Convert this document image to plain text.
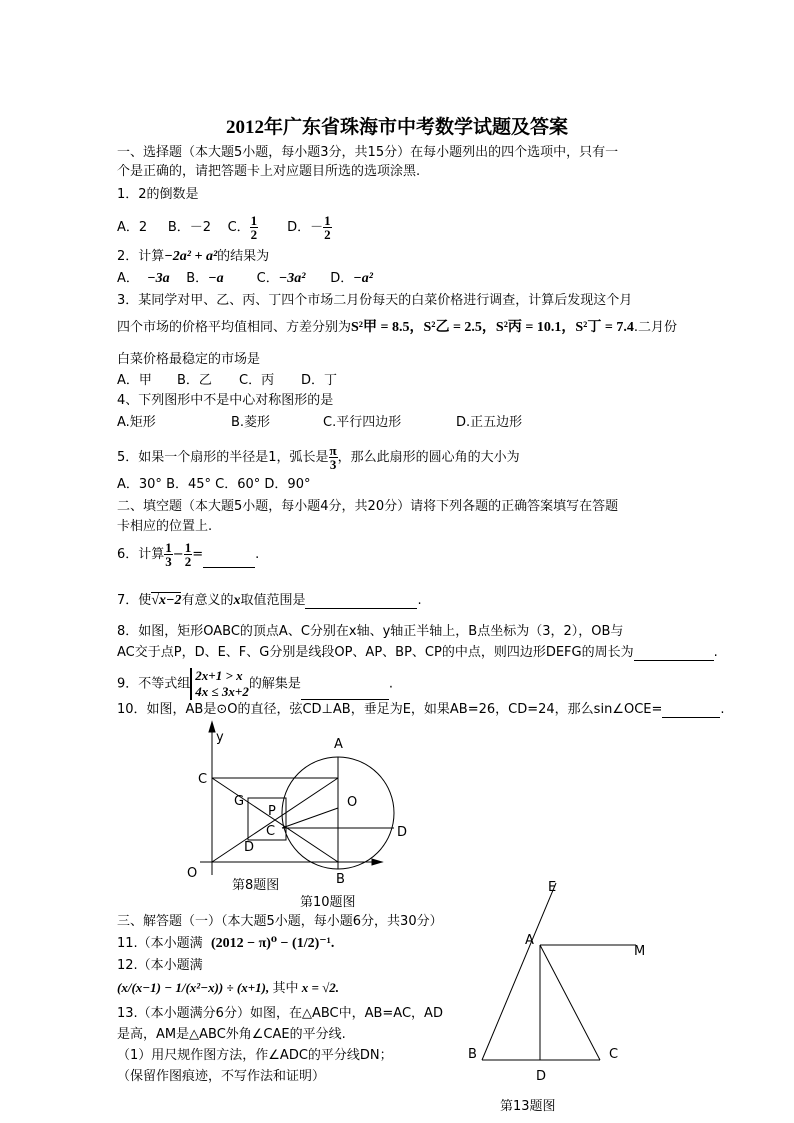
2012年广东省珠海市中考数学试题及答案
一、选择题（本大题5小题，每小题3分，共15分）在每小题列出的四个选项中，只有一
个是正确的，请把答题卡上对应题目所选的选项涂黑.
1．2的倒数是
A．2 B．－2 C． $\frac{1}{2}$ D．－ $\frac{1}{2}$
2．计算−2a² + a²的结果为
A． −3a B．−a	C．−3a² D．−a²
3．某同学对甲、乙、丙、丁四个市场二月份每天的白菜价格进行调查，计算后发现这个月
四个市场的价格平均值相同、方差分别为S²甲 = 8.5，S²乙 = 2.5，S²丙 = 10.1，S²丁 = 7.4.二月份
白菜价格最稳定的市场是
A．甲 B．乙 C．丙 D．丁
4、下列图形中不是中心对称图形的是
A.矩形	B.菱形	C.平行四边形	D.正五边形
5．如果一个扇形的半径是1，弧长是 $\frac{\pi}{3}$ ，那么此扇形的圆心角的大小为
A．30° B．45° C．60° D．90°
二、填空题（本大题5小题，每小题4分，共20分）请将下列各题的正确答案填写在答题
卡相应的位置上.
6．计算 $\frac{1}{3} - \frac{1}{2}$ =	.
7．使√x−2有意义的x取值范围是	.
8．如图，矩形OABC的顶点A、C分别在x轴、y轴正半轴上，B点坐标为（3，2），OB与
AC交于点P，D、E、F、G分别是线段OP、AP、BP、CP的中点，则四边形DEFG的周长为	.
9．不等式组
2x+1 > x
4x ≤ 3x+2 的解集是	.
10．如图，AB是⊙O的直径，弦CD⊥AB，垂足为E，如果AB=26，CD=24，那么sin∠OCE=	.
三、解答题（一）（本大题5小题，每小题6分，共30分）
11.（本小题满 (2012 − π)⁰ − (1/2)⁻¹.
12.（本小题满
(x/(x−1) − 1/(x²−x)) ÷ (x+1), 其中 x = √2.
13.（本小题满分6分）如图，在△ABC中，AB=AC，AD
是高，AM是△ABC外角∠CAE的平分线.
（1）用尺规作图方法，作∠ADC的平分线DN；
（保留作图痕迹，不写作法和证明）
y
C
G
P
D
O
第8题图
A
O
C	D
B
第10题图
E
A
M
B	C
D
第13题图
